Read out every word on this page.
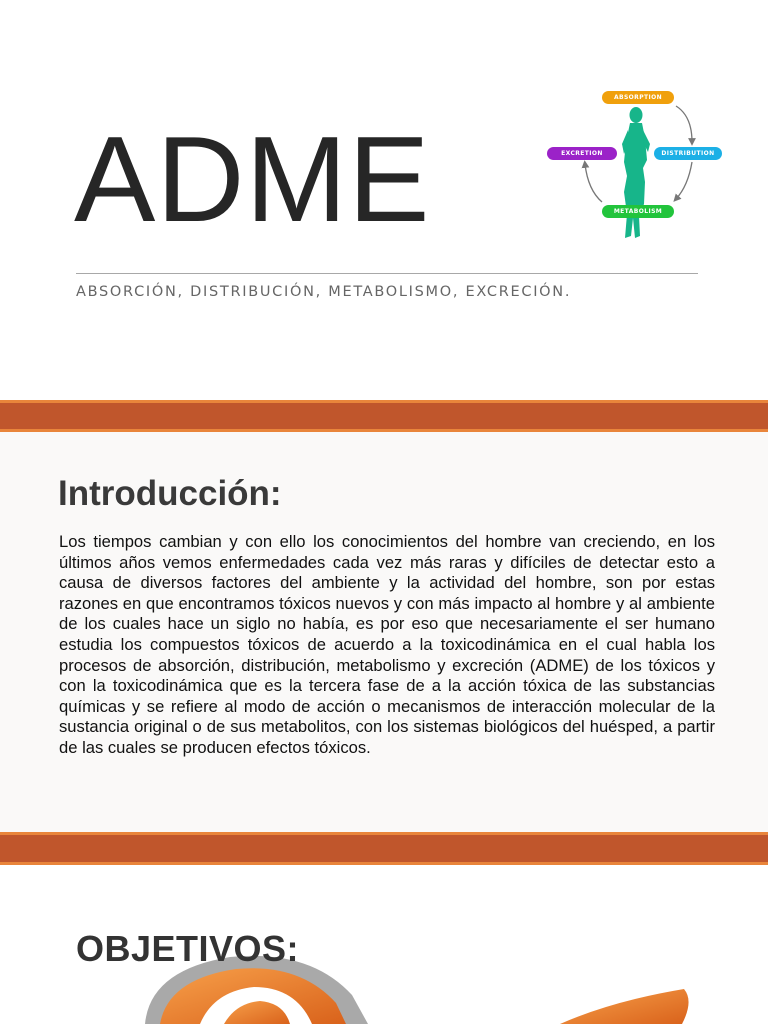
ADME
ABSORPTION
DISTRIBUTION
EXCRETION
METABOLISM

ABSORCIÓN, DISTRIBUCIÓN, METABOLISMO, EXCRECIÓN.

Introducción:

Los tiempos cambian y con ello los conocimientos del hombre van creciendo, en los últimos años vemos enfermedades cada vez más raras y difíciles de detectar esto a causa de diversos factores del ambiente y la actividad del hombre, son por estas razones en que encontramos tóxicos nuevos y con más impacto al hombre y al ambiente de los cuales hace un siglo no había, es por eso que necesariamente el ser humano estudia los compuestos tóxicos de acuerdo a la toxicodinámica en el cual habla los procesos de absorción, distribución, metabolismo y excreción (ADME) de los tóxicos y con la toxicodinámica que es la tercera fase de a la acción tóxica de las substancias químicas y se refiere al modo de acción o mecanismos de interacción molecular de la sustancia original o de sus metabolitos, con los sistemas biológicos del huésped, a partir de las cuales se producen efectos tóxicos.

OBJETIVOS:
